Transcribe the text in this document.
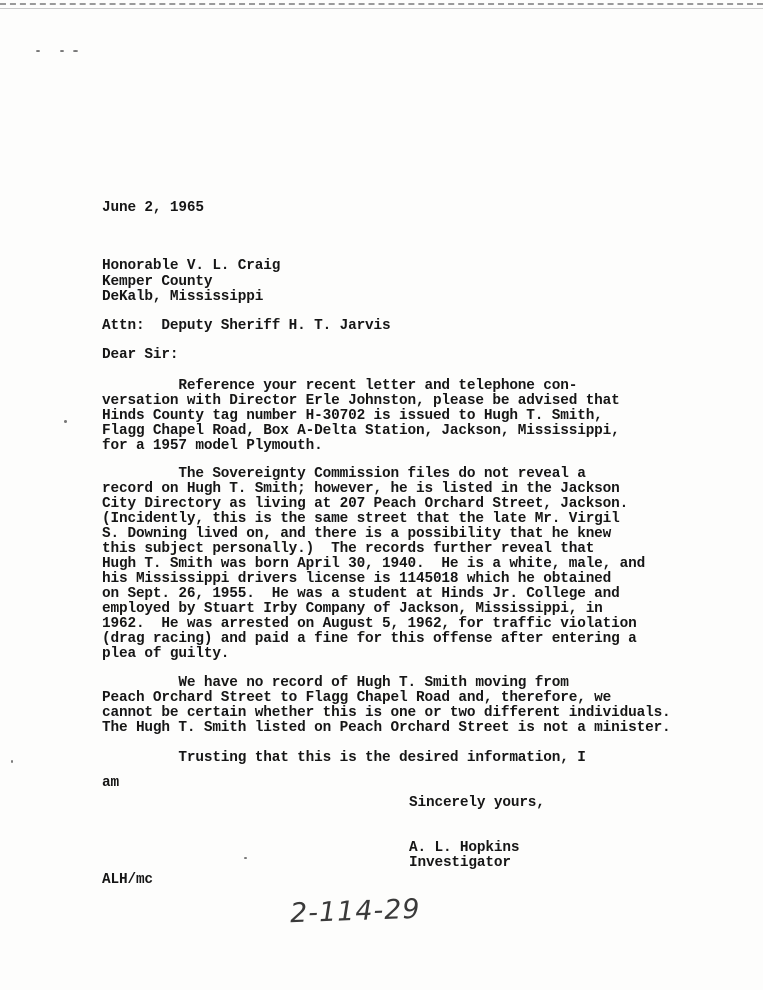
June 2, 1965
Honorable V. L. Craig
Kemper County
DeKalb, Mississippi
Attn:  Deputy Sheriff H. T. Jarvis
Dear Sir:
Reference your recent letter and telephone con-
versation with Director Erle Johnston, please be advised that
Hinds County tag number H-30702 is issued to Hugh T. Smith,
Flagg Chapel Road, Box A-Delta Station, Jackson, Mississippi,
for a 1957 model Plymouth.
The Sovereignty Commission files do not reveal a
record on Hugh T. Smith; however, he is listed in the Jackson
City Directory as living at 207 Peach Orchard Street, Jackson.
(Incidently, this is the same street that the late Mr. Virgil
S. Downing lived on, and there is a possibility that he knew
this subject personally.)  The records further reveal that
Hugh T. Smith was born April 30, 1940.  He is a white, male, and
his Mississippi drivers license is 1145018 which he obtained
on Sept. 26, 1955.  He was a student at Hinds Jr. College and
employed by Stuart Irby Company of Jackson, Mississippi, in
1962.  He was arrested on August 5, 1962, for traffic violation
(drag racing) and paid a fine for this offense after entering a
plea of guilty.
We have no record of Hugh T. Smith moving from
Peach Orchard Street to Flagg Chapel Road and, therefore, we
cannot be certain whether this is one or two different individuals.
The Hugh T. Smith listed on Peach Orchard Street is not a minister.
Trusting that this is the desired information, I
am
Sincerely yours,
A. L. Hopkins
Investigator
ALH/mc
2-114-29
